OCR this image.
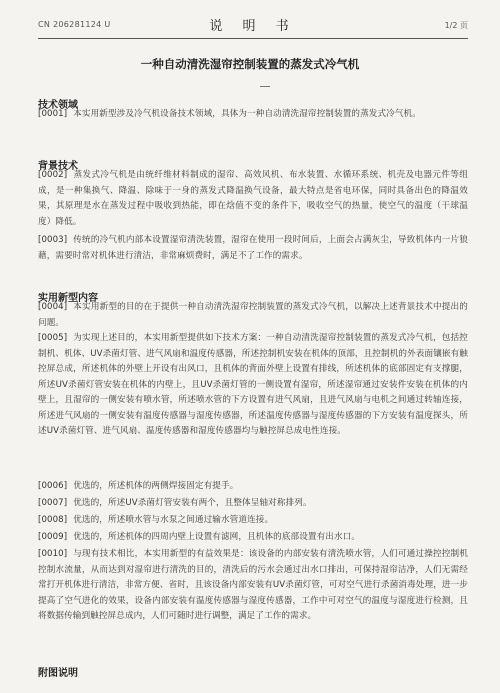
CN 206281124 U	说 明 书	1/2 页
一种自动清洗湿帘控制装置的蒸发式冷气机
技术领域
[0001] 本实用新型涉及冷气机设备技术领域，具体为一种自动清洗湿帘控制装置的蒸发式冷气机。
背景技术
[0002] 蒸发式冷气机是由统纤维材料制成的湿帘、高效风机、布水装置、水循环系统、机壳及电器元件等组成，是一种集换气、降温、除味于一身的蒸发式降温换气设备，最大特点是省电环保，同时具备出色的降温效果，其原理是水在蒸发过程中吸收到热能，即在焓值不变的条件下，吸收空气的热量，使空气的温度（干球温度）降低。
[0003] 传统的冷气机内部本设置湿帘清洗装置，湿帘在使用一段时间后，上面会占满灰尘，导致机体内一片狼藉，需要时常对机体进行清洁，非常麻烦费时，满足不了工作的需求。
实用新型内容
[0004] 本实用新型的目的在于提供一种自动清洗湿帘控制装置的蒸发式冷气机，以解决上述背景技术中提出的问题。
[0005] 为实现上述目的，本实用新型提供如下技术方案：一种自动清洗湿帘控制装置的蒸发式冷气机，包括控制机、机体、UV杀菌灯管、进气风扇和温度传感器，所述控制机安装在机体的顶部，且控制机的外表面镶嵌有触控屏总成，所述机体的外壁上开设有出风口，且机体的背面外壁上设置有排线，所述机体的底部固定有支撑腿，所述UV杀菌灯管安装在机体的内壁上，且UV杀菌灯管的一侧设置有湿帘，所述湿帘通过安装件安装在机体的内壁上，且湿帘的一侧安装有喷水管，所述喷水管的下方设置有进气风扇，且进气风扇与电机之间通过转轴连接，所述进气风扇的一侧安装有温度传感器与湿度传感器，所述温度传感器与湿度传感器的下方安装有温度探头，所述UV杀菌灯管、进气风扇、温度传感器和湿度传感器均与触控屏总成电性连接。
[0006] 优选的，所述机体的两侧焊接固定有提手。
[0007] 优选的，所述UV杀菌灯管安装有两个，且整体呈轴对称排列。
[0008] 优选的，所述喷水管与水泵之间通过输水管道连接。
[0009] 优选的，所述机体的四周内壁上设置有滤网，且机体的底部设置有出水口。
[0010] 与现有技术相比，本实用新型的有益效果是：该设备的内部安装有清洗喷水管，人们可通过操控控制机控制水流量，从而达到对湿帘进行清洗的目的，清洗后的污水会通过出水口排出，可保持湿帘洁净，人们无需经常打开机体进行清洁，非常方便、省时，且该设备内部安装有UV杀菌灯管，可对空气进行杀菌消毒处理，进一步提高了空气进化的效果，设备内部安装有温度传感器与湿度传感器，工作中可对空气的温度与湿度进行检测，且将数据传输到触控屏总成内，人们可随时进行调整，满足了工作的需求。
附图说明
